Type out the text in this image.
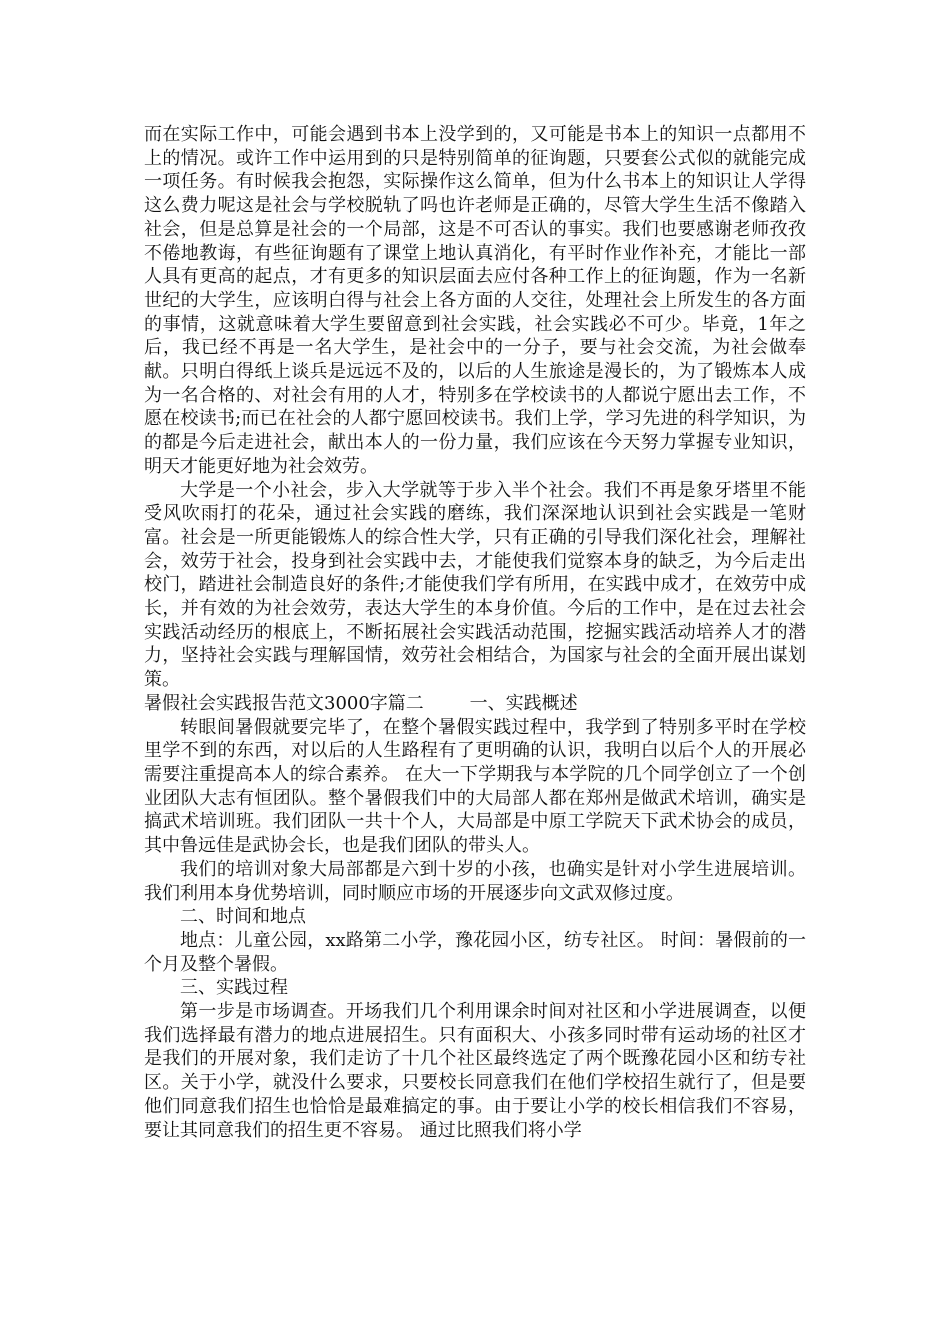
而在实际工作中，可能会遇到书本上没学到的，又可能是书本上的知识一点都用不上的情况。或许工作中运用到的只是特别简单的征询题，只要套公式似的就能完成一项任务。有时候我会抱怨，实际操作这么简单，但为什么书本上的知识让人学得这么费力呢这是社会与学校脱轨了吗也许老师是正确的，尽管大学生生活不像踏入社会，但是总算是社会的一个局部，这是不可否认的事实。我们也要感谢老师孜孜不倦地教诲，有些征询题有了课堂上地认真消化，有平时作业作补充，才能比一部人具有更高的起点，才有更多的知识层面去应付各种工作上的征询题，作为一名新世纪的大学生，应该明白得与社会上各方面的人交往，处理社会上所发生的各方面的事情，这就意味着大学生要留意到社会实践，社会实践必不可少。毕竟，1年之后，我已经不再是一名大学生，是社会中的一分子，要与社会交流，为社会做奉献。只明白得纸上谈兵是远远不及的，以后的人生旅途是漫长的，为了锻炼本人成为一名合格的、对社会有用的人才，特别多在学校读书的人都说宁愿出去工作，不愿在校读书;而已在社会的人都宁愿回校读书。我们上学，学习先进的科学知识，为的都是今后走进社会，献出本人的一份力量，我们应该在今天努力掌握专业知识，明天才能更好地为社会效劳。

大学是一个小社会，步入大学就等于步入半个社会。我们不再是象牙塔里不能受风吹雨打的花朵，通过社会实践的磨练，我们深深地认识到社会实践是一笔财富。社会是一所更能锻炼人的综合性大学，只有正确的引导我们深化社会，理解社会，效劳于社会，投身到社会实践中去，才能使我们觉察本身的缺乏，为今后走出校门，踏进社会制造良好的条件;才能使我们学有所用，在实践中成才，在效劳中成长，并有效的为社会效劳，表达大学生的本身价值。今后的工作中，是在过去社会实践活动经历的根底上，不断拓展社会实践活动范围，挖掘实践活动培养人才的潜力，坚持社会实践与理解国情，效劳社会相结合，为国家与社会的全面开展出谋划策。

暑假社会实践报告范文3000字篇二        一、实践概述

转眼间暑假就要完毕了，在整个暑假实践过程中，我学到了特别多平时在学校里学不到的东西，对以后的人生路程有了更明确的认识，我明白以后个人的开展必需要注重提高本人的综合素养。 在大一下学期我与本学院的几个同学创立了一个创业团队大志有恒团队。整个暑假我们中的大局部人都在郑州是做武术培训，确实是搞武术培训班。我们团队一共十个人，大局部是中原工学院天下武术协会的成员，其中鲁远佳是武协会长，也是我们团队的带头人。

我们的培训对象大局部都是六到十岁的小孩，也确实是针对小学生进展培训。我们利用本身优势培训，同时顺应市场的开展逐步向文武双修过度。

二、时间和地点

地点：儿童公园，xx路第二小学，豫花园小区，纺专社区。 时间：暑假前的一个月及整个暑假。

三、实践过程

第一步是市场调查。开场我们几个利用课余时间对社区和小学进展调查，以便我们选择最有潜力的地点进展招生。只有面积大、小孩多同时带有运动场的社区才是我们的开展对象，我们走访了十几个社区最终选定了两个既豫花园小区和纺专社区。关于小学，就没什么要求，只要校长同意我们在他们学校招生就行了，但是要他们同意我们招生也恰恰是最难搞定的事。由于要让小学的校长相信我们不容易，要让其同意我们的招生更不容易。 通过比照我们将小学
